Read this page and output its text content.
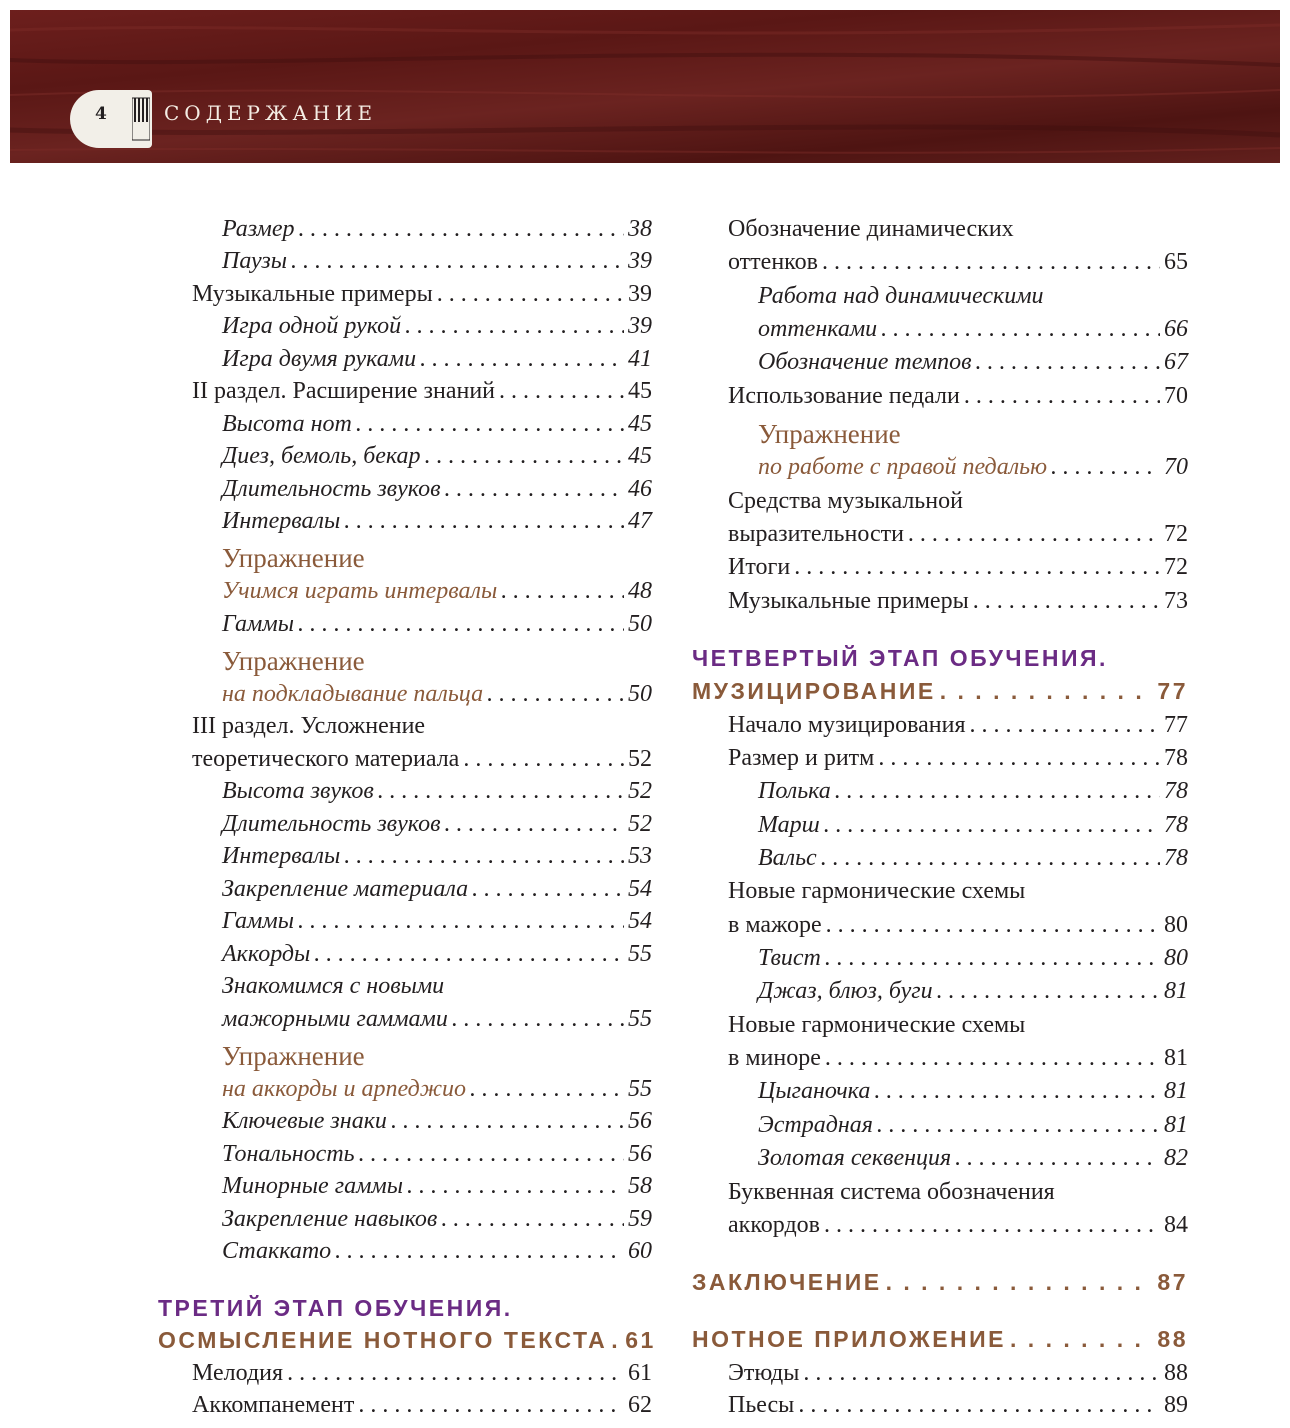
4	СОДЕРЖАНИЕ
Размер . . .	38
Паузы . . .	39
Музыкальные примеры . . .	39
Игра одной рукой . . .	39
Игра двумя руками . . .	41
II раздел. Расширение знаний . . .	45
Высота нот . . .	45
Диез, бемоль, бекар . . .	45
Длительность звуков . . .	46
Интервалы . . .	47
Упражнение
Учимся играть интервалы . . .	48
Гаммы . . .	50
Упражнение
на подкладывание пальца . . .	50
III раздел. Усложнение
теоретического материала . . .	52
Высота звуков . . .	52
Длительность звуков . . .	52
Интервалы . . .	53
Закрепление материала . . .	54
Гаммы . . .	54
Аккорды . . .	55
Знакомимся с новыми
мажорными гаммами . . .	55
Упражнение
на аккорды и арпеджио . . .	55
Ключевые знаки . . .	56
Тональность . . .	56
Минорные гаммы . . .	58
Закрепление навыков . . .	59
Стаккато . . .	60
ТРЕТИЙ ЭТАП ОБУЧЕНИЯ.
ОСМЫСЛЕНИЕ НОТНОГО ТЕКСТА . . . 61
Мелодия . . .	61
Аккомпанемент . . .	62
Обозначение динамических
оттенков . . .	65
Работа над динамическими
оттенками . . .	66
Обозначение темпов . . .	67
Использование педали . . .	70
Упражнение
по работе с правой педалью . . .	70
Средства музыкальной
выразительности . . .	72
Итоги . . .	72
Музыкальные примеры . . .	73
ЧЕТВЕРТЫЙ ЭТАП ОБУЧЕНИЯ.
МУЗИЦИРОВАНИЕ . . .	77
Начало музицирования . . .	77
Размер и ритм . . .	78
Полька . . .	78
Марш . . .	78
Вальс . . .	78
Новые гармонические схемы
в мажоре . . .	80
Твист . . .	80
Джаз, блюз, буги . . .	81
Новые гармонические схемы
в миноре . . .	81
Цыганочка . . .	81
Эстрадная . . .	81
Золотая секвенция . . .	82
Буквенная система обозначения
аккордов . . .	84
ЗАКЛЮЧЕНИЕ . . .	87
НОТНОЕ ПРИЛОЖЕНИЕ . . .	88
Этюды . . .	88
Пьесы . . .	89
